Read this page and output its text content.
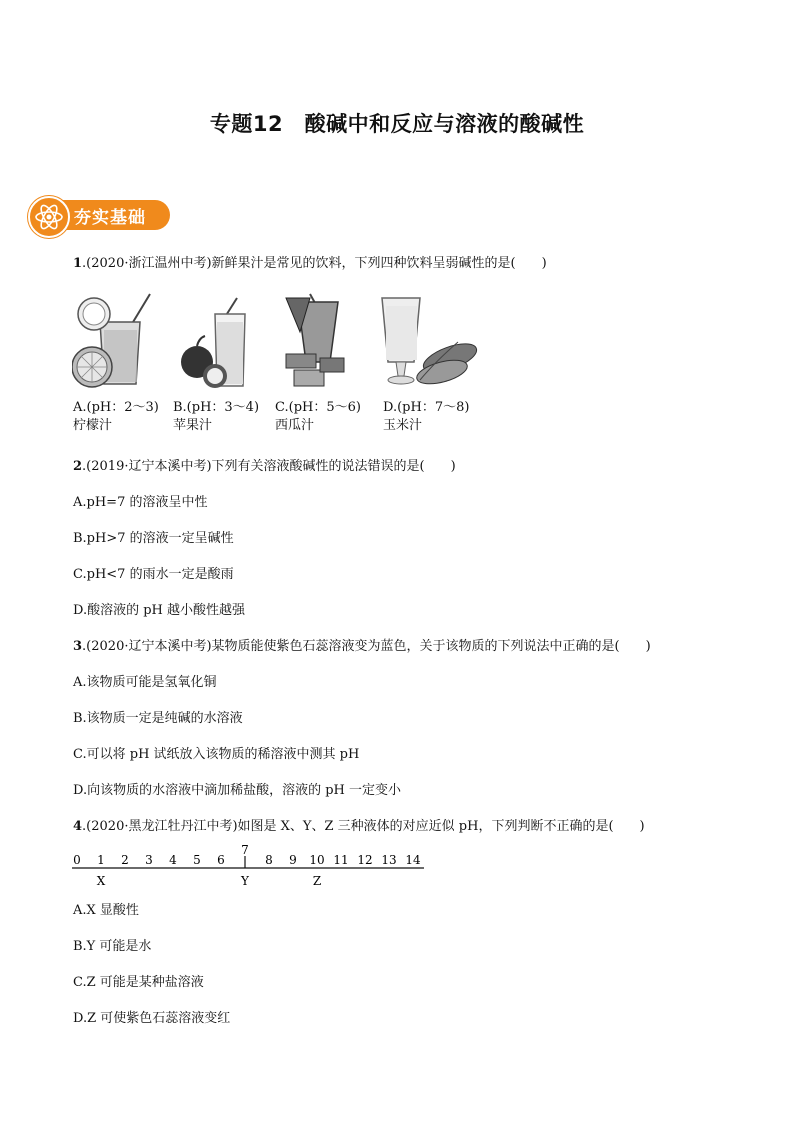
专题12　酸碱中和反应与溶液的酸碱性
夯实基础
1.(2020·浙江温州中考)新鲜果汁是常见的饮料，下列四种饮料呈弱碱性的是(　　)
A.(pH：2～3)
柠檬汁
B.(pH：3～4)
苹果汁
C.(pH：5～6)
西瓜汁
D.(pH：7～8)
玉米汁
2.(2019·辽宁本溪中考)下列有关溶液酸碱性的说法错误的是(　　)
A.pH=7 的溶液呈中性
B.pH>7 的溶液一定呈碱性
C.pH<7 的雨水一定是酸雨
D.酸溶液的 pH 越小酸性越强
3.(2020·辽宁本溪中考)某物质能使紫色石蕊溶液变为蓝色，关于该物质的下列说法中正确的是(　　)
A.该物质可能是氢氧化铜
B.该物质一定是纯碱的水溶液
C.可以将 pH 试纸放入该物质的稀溶液中测其 pH
D.向该物质的水溶液中滴加稀盐酸，溶液的 pH 一定变小
4.(2020·黑龙江牡丹江中考)如图是 X、Y、Z 三种液体的对应近似 pH，下列判断不正确的是(　　)
0 1 2 3 4 5 6
7
8 9 10 11 12 13 14
X	Y	Z
A.X 显酸性
B.Y 可能是水
C.Z 可能是某种盐溶液
D.Z 可使紫色石蕊溶液变红
